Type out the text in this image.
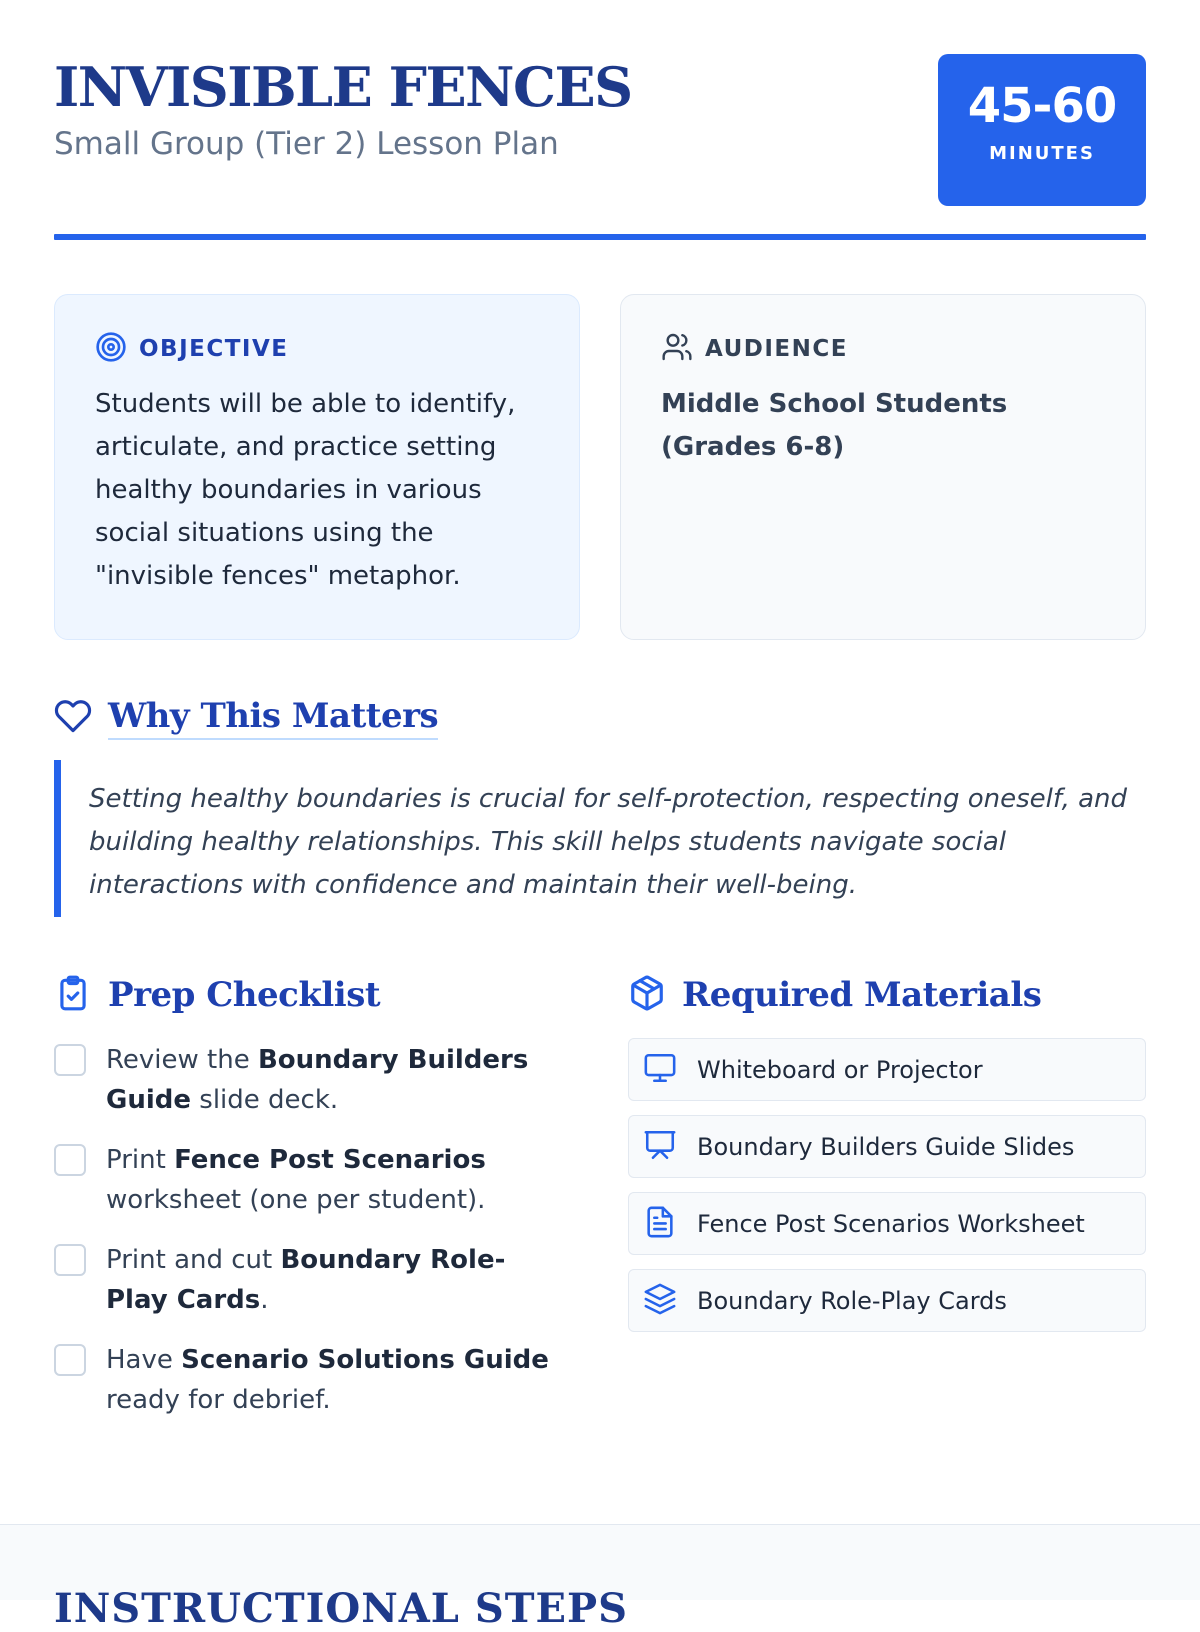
INVISIBLE FENCES
Small Group (Tier 2) Lesson Plan
45-60
MINUTES
OBJECTIVE

Students will be able to identify, articulate, and practice setting healthy boundaries in various social situations using the "invisible fences" metaphor.

AUDIENCE

Middle School Students (Grades 6-8)

Why This Matters
Setting healthy boundaries is crucial for self-protection, respecting oneself, and building healthy relationships. This skill helps students navigate social interactions with confidence and maintain their well-being.
Prep Checklist	Required Materials
Review the Boundary Builders Guide slide deck.
Print Fence Post Scenarios worksheet (one per student).
Print and cut Boundary Role-Play Cards.
Have Scenario Solutions Guide ready for debrief.
Whiteboard or Projector
Boundary Builders Guide Slides
Fence Post Scenarios Worksheet
Boundary Role-Play Cards
INSTRUCTIONAL STEPS
